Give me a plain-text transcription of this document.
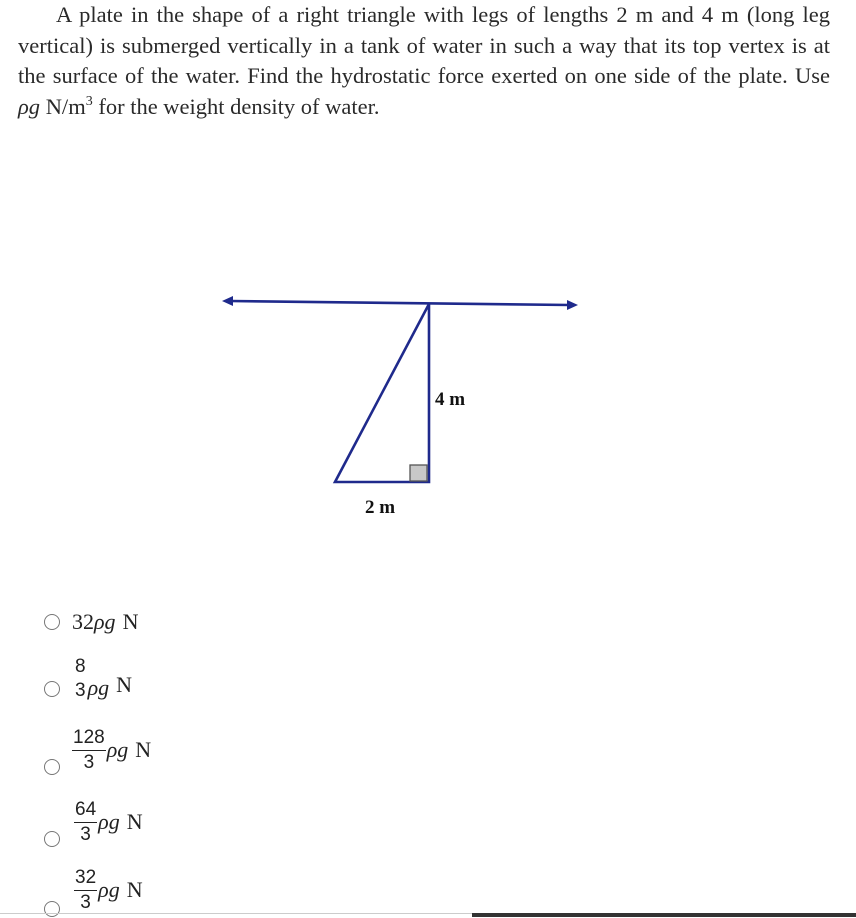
A plate in the shape of a right triangle with legs of lengths 2 m and 4 m (long leg vertical) is submerged vertically in a tank of water in such a way that its top vertex is at the surface of the water. Find the hydrostatic force exerted on one side of the plate. Use ρg $N/m^3$ for the weight density of water.
4 m
2 m
32 ρg N
8
3 ρg N
$\frac{128}{3}$ ρg N
$\frac{64}{3}$ ρg N
$\frac{32}{3}$ ρg N
